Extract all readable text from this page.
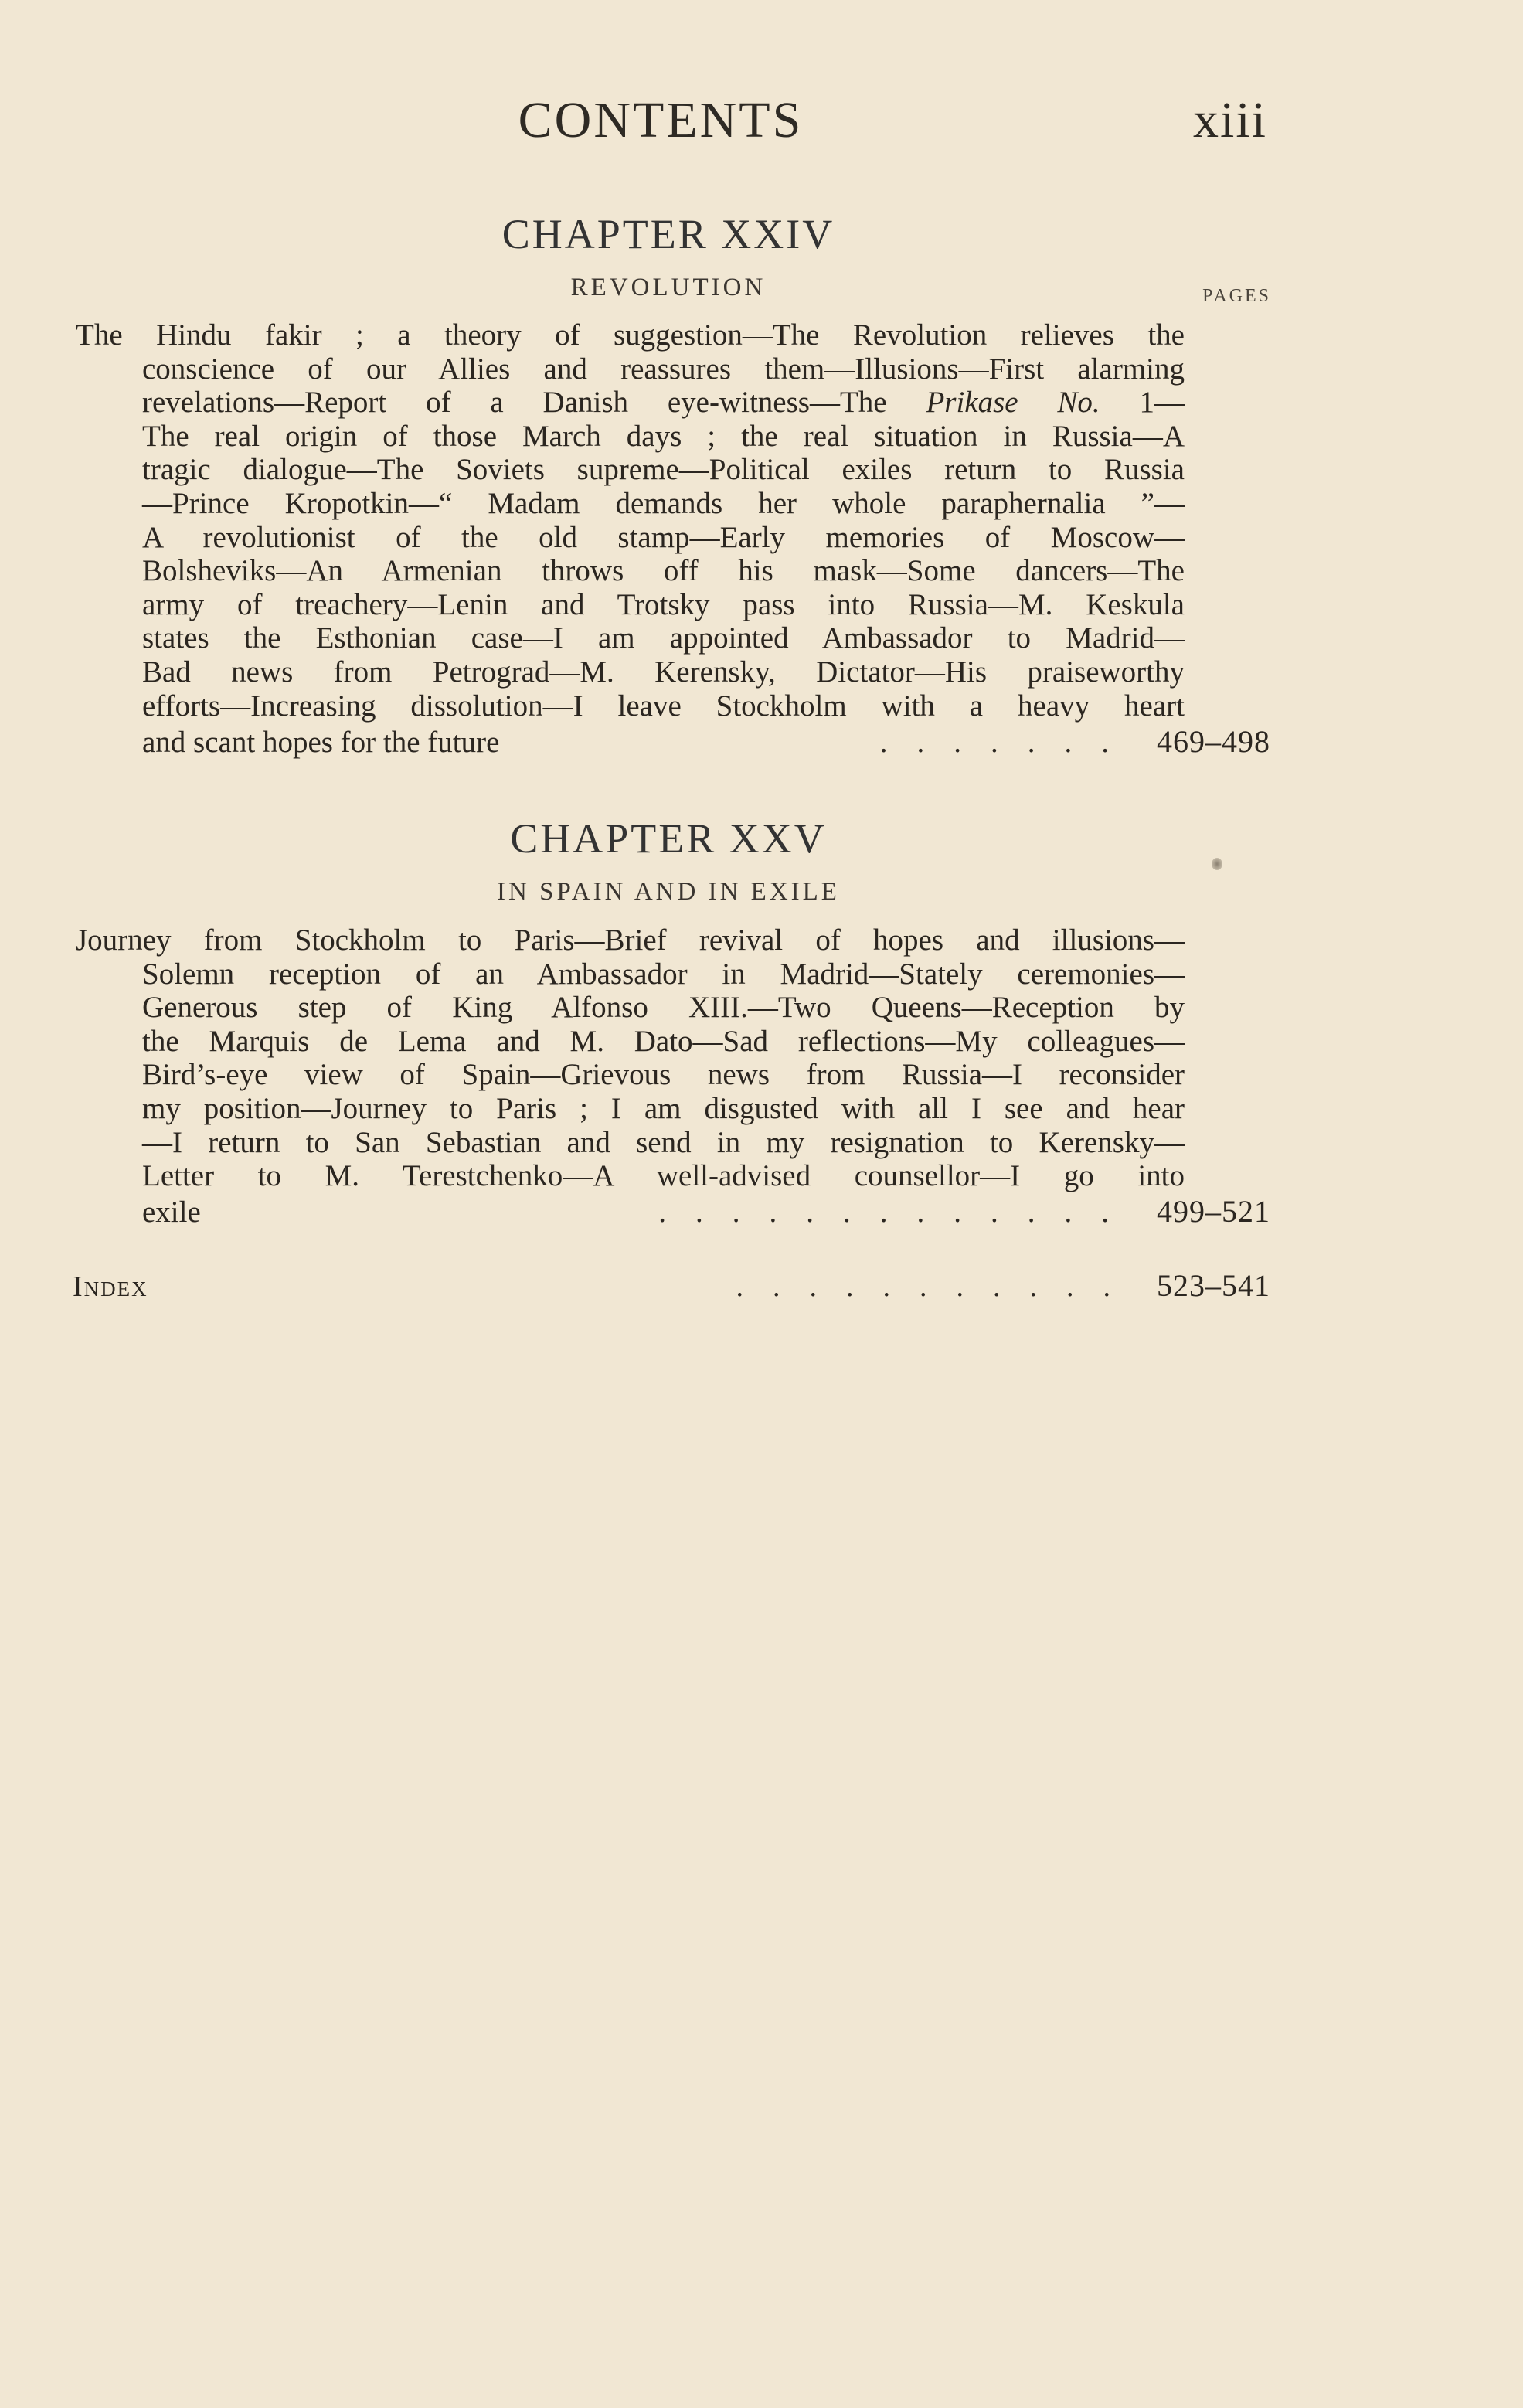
CONTENTS	xiii
CHAPTER XXIV
REVOLUTION	PAGES
The Hindu fakir ; a theory of suggestion—The Revolution relieves the
conscience of our Allies and reassures them—Illusions—First alarming
revelations—Report of a Danish eye-witness—The Prikase No. 1—
The real origin of those March days ; the real situation in Russia—A
tragic dialogue—The Soviets supreme—Political exiles return to Russia
—Prince Kropotkin—“ Madam demands her whole paraphernalia ”—
A revolutionist of the old stamp—Early memories of Moscow—
Bolsheviks—An Armenian throws off his mask—Some dancers—The
army of treachery—Lenin and Trotsky pass into Russia—M. Keskula
states the Esthonian case—I am appointed Ambassador to Madrid—
Bad news from Petrograd—M. Kerensky, Dictator—His praiseworthy
efforts—Increasing dissolution—I leave Stockholm with a heavy heart
and scant hopes for the future	....... 469–498
CHAPTER XXV
IN SPAIN AND IN EXILE
Journey from Stockholm to Paris—Brief revival of hopes and illusions—
Solemn reception of an Ambassador in Madrid—Stately ceremonies—
Generous step of King Alfonso XIII.—Two Queens—Reception by
the Marquis de Lema and M. Dato—Sad reflections—My colleagues—
Bird’s-eye view of Spain—Grievous news from Russia—I reconsider
my position—Journey to Paris ; I am disgusted with all I see and hear
—I return to San Sebastian and send in my resignation to Kerensky—
Letter to M. Terestchenko—A well-advised counsellor—I go into
exile	............. 499–521
Index	........... 523–541
